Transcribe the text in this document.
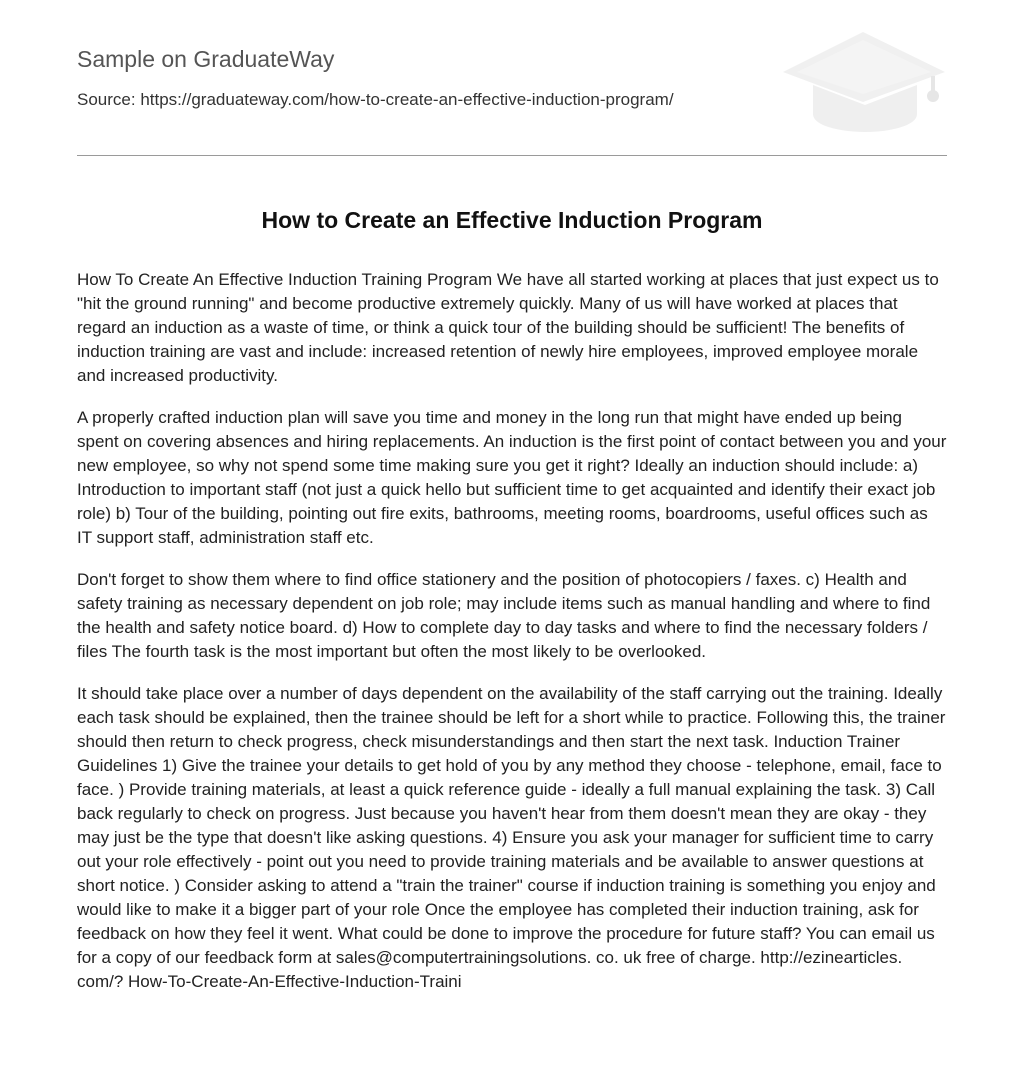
Sample on GraduateWay
Source: https://graduateway.com/how-to-create-an-effective-induction-program/
How to Create an Effective Induction Program

How To Create An Effective Induction Training Program We have all started working at places that just expect us to "hit the ground running" and become productive extremely quickly. Many of us will have worked at places that regard an induction as a waste of time, or think a quick tour of the building should be sufficient! The benefits of induction training are vast and include: increased retention of newly hire employees, improved employee morale and increased productivity.

A properly crafted induction plan will save you time and money in the long run that might have ended up being spent on covering absences and hiring replacements. An induction is the first point of contact between you and your new employee, so why not spend some time making sure you get it right? Ideally an induction should include: a) Introduction to important staff (not just a quick hello but sufficient time to get acquainted and identify their exact job role) b) Tour of the building, pointing out fire exits, bathrooms, meeting rooms, boardrooms, useful offices such as IT support staff, administration staff etc.

Don't forget to show them where to find office stationery and the position of photocopiers / faxes. c) Health and safety training as necessary dependent on job role; may include items such as manual handling and where to find the health and safety notice board. d) How to complete day to day tasks and where to find the necessary folders / files The fourth task is the most important but often the most likely to be overlooked.

It should take place over a number of days dependent on the availability of the staff carrying out the training. Ideally each task should be explained, then the trainee should be left for a short while to practice. Following this, the trainer should then return to check progress, check misunderstandings and then start the next task. Induction Trainer Guidelines 1) Give the trainee your details to get hold of you by any method they choose - telephone, email, face to face. ) Provide training materials, at least a quick reference guide - ideally a full manual explaining the task. 3) Call back regularly to check on progress. Just because you haven't hear from them doesn't mean they are okay - they may just be the type that doesn't like asking questions. 4) Ensure you ask your manager for sufficient time to carry out your role effectively - point out you need to provide training materials and be available to answer questions at short notice. ) Consider asking to attend a "train the trainer" course if induction training is something you enjoy and would like to make it a bigger part of your role Once the employee has completed their induction training, ask for feedback on how they feel it went. What could be done to improve the procedure for future staff? You can email us for a copy of our feedback form at sales@computertrainingsolutions. co. uk free of charge. http://ezinearticles. com/? How-To-Create-An-Effective-Induction-Traini
